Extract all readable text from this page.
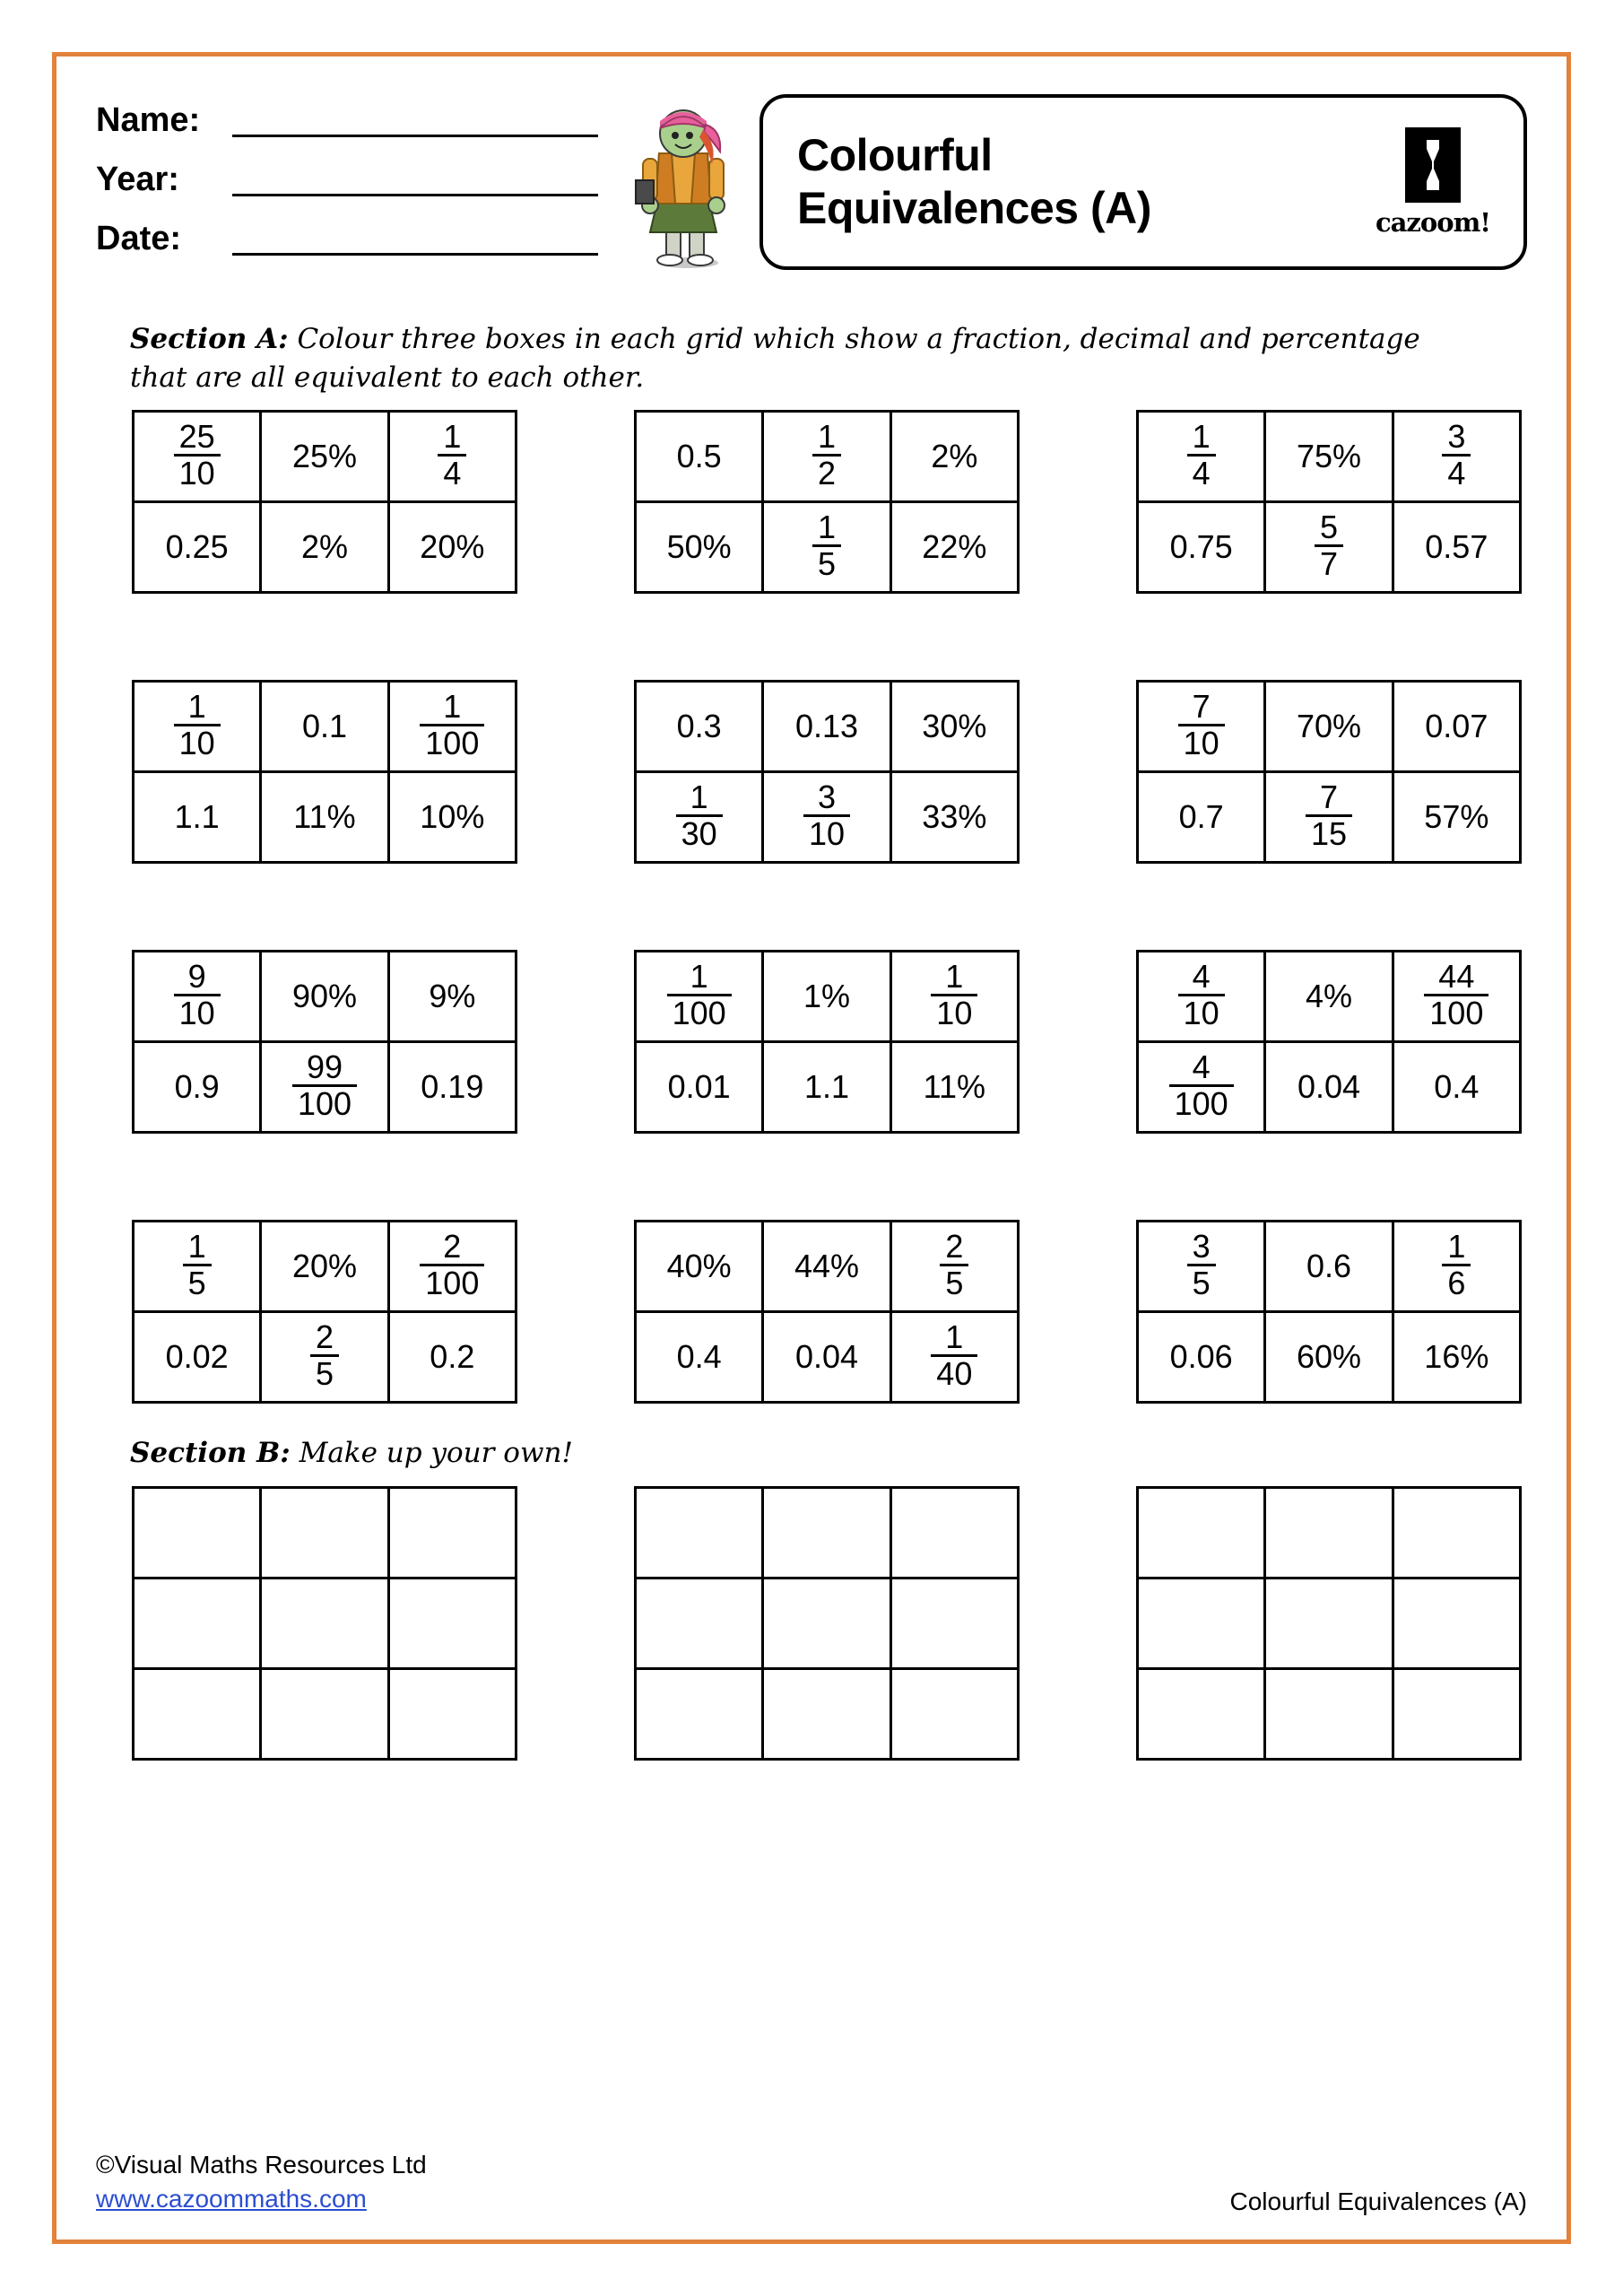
Name:
Year:
Date:
Colourful
Equivalences (A)	cazoom!
Section A: Colour three boxes in each grid which show a fraction, decimal and percentage that are all equivalent to each other.
$\frac{25}{10}$	25%	$\frac{1}{4}$

0.25	2%	20%
0.5	$\frac{1}{2}$	2%
50%	$\frac{1}{5}$	22%
$\frac{1}{4}$	75%	$\frac{3}{4}$

0.75	$\frac{5}{7}$	0.57
$\frac{1}{10}$	0.1	$\frac{1}{100}$

1.1	11%	10%
0.3	0.13	30%

$\frac{1}{30}$	$\frac{3}{10}$	33%
$\frac{7}{10}$	70%	0.07
0.7	$\frac{7}{15}$	57%
$\frac{9}{10}$	90%	9%
0.9	$\frac{99}{100}$	0.19
$\frac{1}{100}$	1%	$\frac{1}{10}$

0.01	1.1	11%
$\frac{4}{10}$	4%	$\frac{44}{100}$

$\frac{4}{100}$	0.04	0.4
$\frac{1}{5}$	20%	$\frac{2}{100}$

0.02	$\frac{2}{5}$	0.2
40%	44%	$\frac{2}{5}$

0.4	0.04	$\frac{1}{40}$
$\frac{3}{5}$	0.6	$\frac{1}{6}$

0.06	60%	16%
Section B: Make up your own!

©Visual Maths Resources Ltd
www.cazoommaths.com	Colourful Equivalences (A)
